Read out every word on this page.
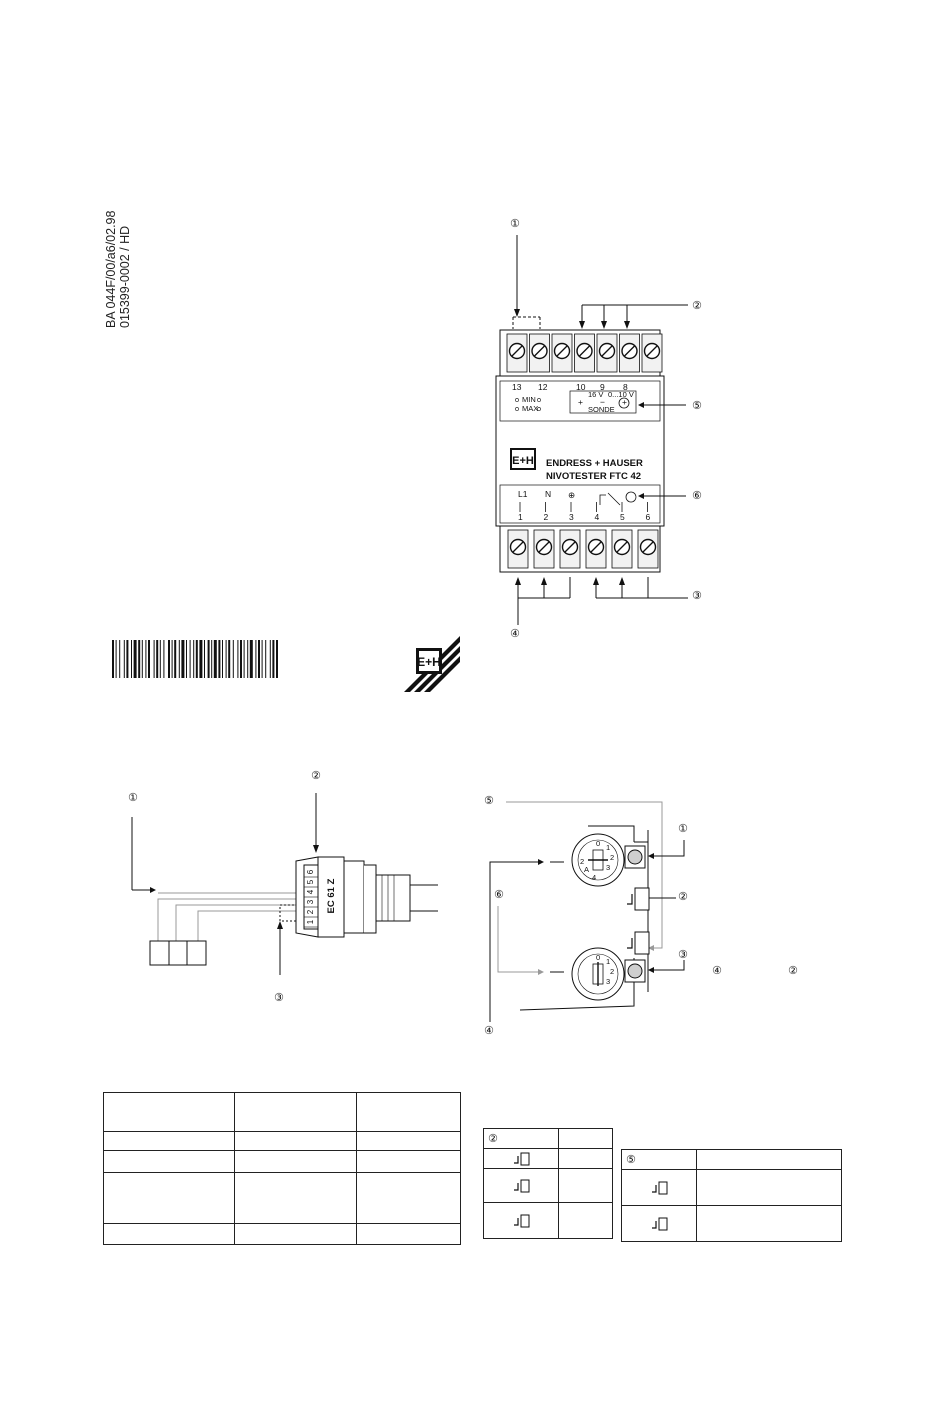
BA 044F/00/a6/02.98 015399-0002 / HD
E+H
①
②
⑤
⑥
③
④
13 12	10 9 8
MIN
MAX
16 V 0...10 V
+ − +
SONDE
E+H ENDRESS + HAUSER
NIVOTESTER FTC 42
L1 N ⊕
1 2 3 4 5 6
①
②
③
1
2
3
4
5
6
EC 61 Z
⑤
①
⑥	②
③
④	②
④
0 1
2
3
A
2
4
0 1
2
3

②	

⑤	
